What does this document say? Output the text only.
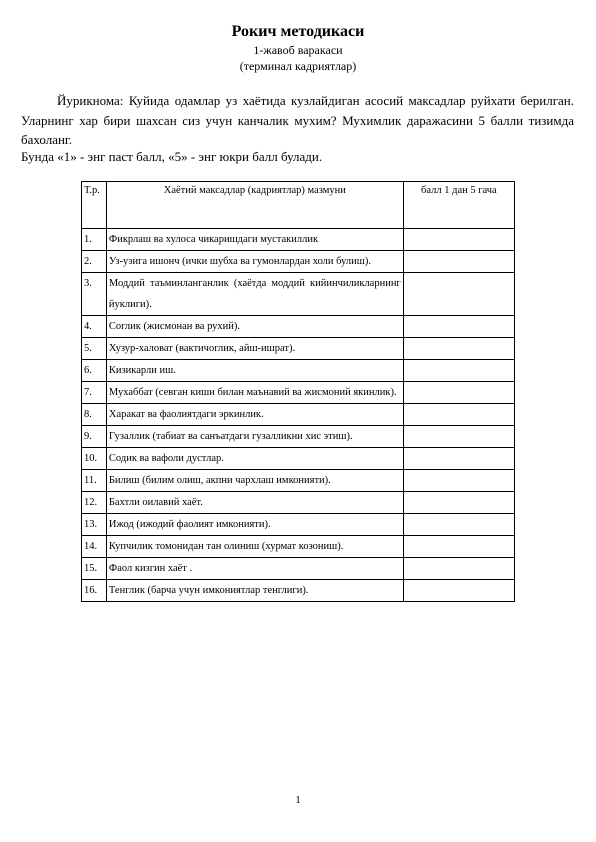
Рокич методикаси
1-жавоб варакаси
(терминал кадриятлар)

Йурикнома: Куйида одамлар уз хаётида кузлайдиган асосий максадлар руйхати берилган. Уларнинг хар бири шахсан сиз учун канчалик мухим? Мухимлик даражасини 5 балли тизимда бахоланг.

Бунда «1» - энг паст балл, «5» - энг юкри балл булади.

Т.р.	Хаётий максадлар (кадриятлар) мазмуни	балл 1 дан 5 гача
1.	Фикрлаш ва хулоса чикаришдаги мустакиллик	
2.	Уз-узига ишонч (ички шубха ва гумонлардан холи булиш).	
3.	Моддий таъминланганлик (хаётда моддий кийинчиликларнинг йуклиги).	
4.	Соглик (жисмонан ва рухий).	
5.	Хузур-халоват (вактичоглик, айш-ишрат).	
6.	Кизикарли иш.	
7.	Мухаббат (севган киши билан маънавий ва жисмоний якинлик).	
8.	Харакат ва фаолиятдаги эркинлик.	
9.	Гузаллик (табиат ва санъатдаги гузалликни хис этиш).	
10.	Содик ва вафоли дустлар.	
11.	Билиш (билим олиш, акпни чархлаш имконияти).	
12.	Бахтли оилавий хаёт.	
13.	Ижод (ижодий фаолият имконияти).	
14.	Купчилик томонидан тан олиниш (хурмат козониш).	
15.	Фаол кизгин хаёт .	
16.	Тенглик (барча учун имкониятлар тенглиги).	
1
